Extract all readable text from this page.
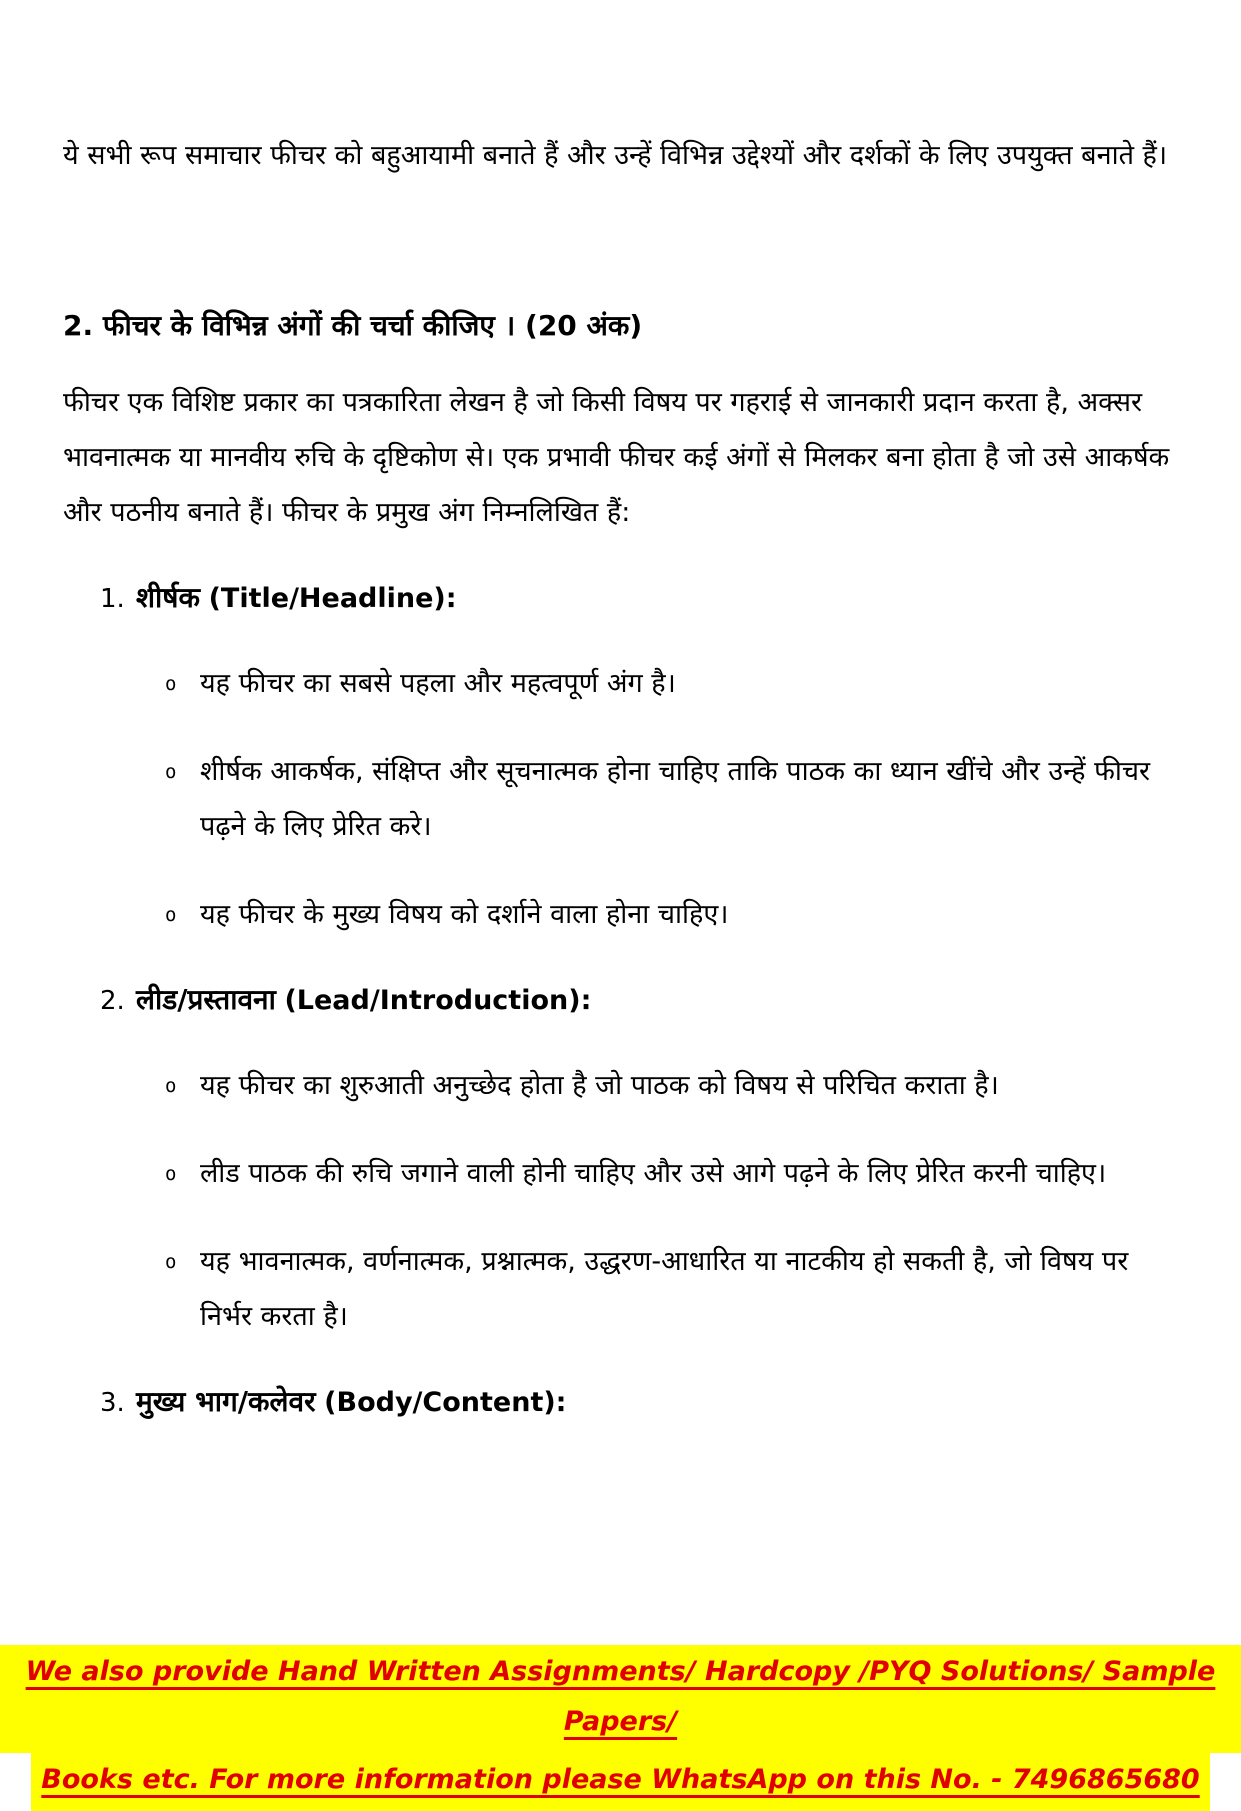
ये सभी रूप समाचार फीचर को बहुआयामी बनाते हैं और उन्हें विभिन्न उद्देश्यों और दर्शकों के लिए उपयुक्त बनाते हैं।

2. फीचर के विभिन्न अंगों की चर्चा कीजिए । (20 अंक)

फीचर एक विशिष्ट प्रकार का पत्रकारिता लेखन है जो किसी विषय पर गहराई से जानकारी प्रदान करता है, अक्सर भावनात्मक या मानवीय रुचि के दृष्टिकोण से। एक प्रभावी फीचर कई अंगों से मिलकर बना होता है जो उसे आकर्षक और पठनीय बनाते हैं। फीचर के प्रमुख अंग निम्नलिखित हैं:

1. शीर्षक (Title/Headline):
o यह फीचर का सबसे पहला और महत्वपूर्ण अंग है।
o शीर्षक आकर्षक, संक्षिप्त और सूचनात्मक होना चाहिए ताकि पाठक का ध्यान खींचे और उन्हें फीचर पढ़ने के लिए प्रेरित करे।
o यह फीचर के मुख्य विषय को दर्शाने वाला होना चाहिए।
2. लीड/प्रस्तावना (Lead/Introduction):
o यह फीचर का शुरुआती अनुच्छेद होता है जो पाठक को विषय से परिचित कराता है।
o लीड पाठक की रुचि जगाने वाली होनी चाहिए और उसे आगे पढ़ने के लिए प्रेरित करनी चाहिए।
o यह भावनात्मक, वर्णनात्मक, प्रश्नात्मक, उद्धरण-आधारित या नाटकीय हो सकती है, जो विषय पर निर्भर करता है।
3. मुख्य भाग/कलेवर (Body/Content):
We also provide Hand Written Assignments/ Hardcopy /PYQ Solutions/ Sample Papers/
Books etc. For more information please WhatsApp on this No. - 7496865680
